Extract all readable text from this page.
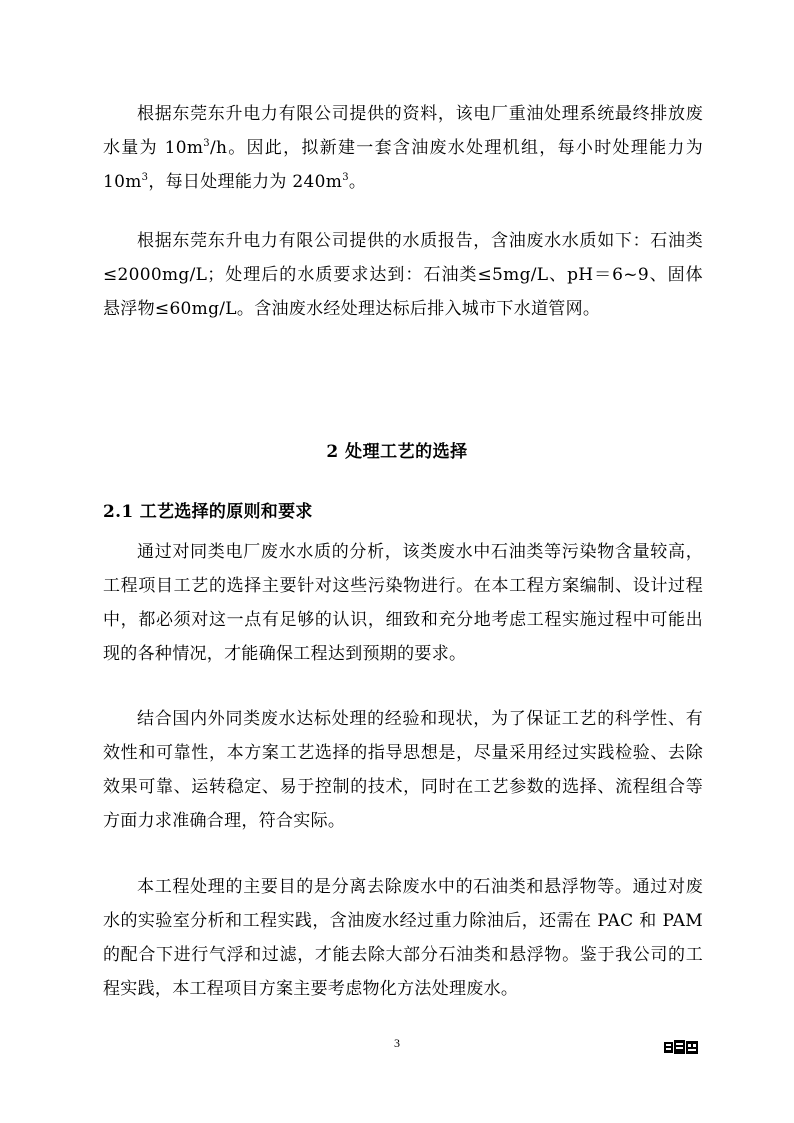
根据东莞东升电力有限公司提供的资料，该电厂重油处理系统最终排放废水量为 $10m^3/h$。因此，拟新建一套含油废水处理机组，每小时处理能力为 $10m^3$，每日处理能力为 $240m^3$。

根据东莞东升电力有限公司提供的水质报告，含油废水水质如下：石油类≤2000mg/L；处理后的水质要求达到：石油类≤5mg/L、pH＝6~9、固体悬浮物≤60mg/L。含油废水经处理达标后排入城市下水道管网。

2 处理工艺的选择
2.1 工艺选择的原则和要求

通过对同类电厂废水水质的分析，该类废水中石油类等污染物含量较高，工程项目工艺的选择主要针对这些污染物进行。在本工程方案编制、设计过程中，都必须对这一点有足够的认识，细致和充分地考虑工程实施过程中可能出现的各种情况，才能确保工程达到预期的要求。

结合国内外同类废水达标处理的经验和现状，为了保证工艺的科学性、有效性和可靠性，本方案工艺选择的指导思想是，尽量采用经过实践检验、去除效果可靠、运转稳定、易于控制的技术，同时在工艺参数的选择、流程组合等方面力求准确合理，符合实际。

本工程处理的主要目的是分离去除废水中的石油类和悬浮物等。通过对废水的实验室分析和工程实践，含油废水经过重力除油后，还需在 PAC 和 PAM 的配合下进行气浮和过滤，才能去除大部分石油类和悬浮物。鉴于我公司的工程实践，本工程项目方案主要考虑物化方法处理废水。

3
